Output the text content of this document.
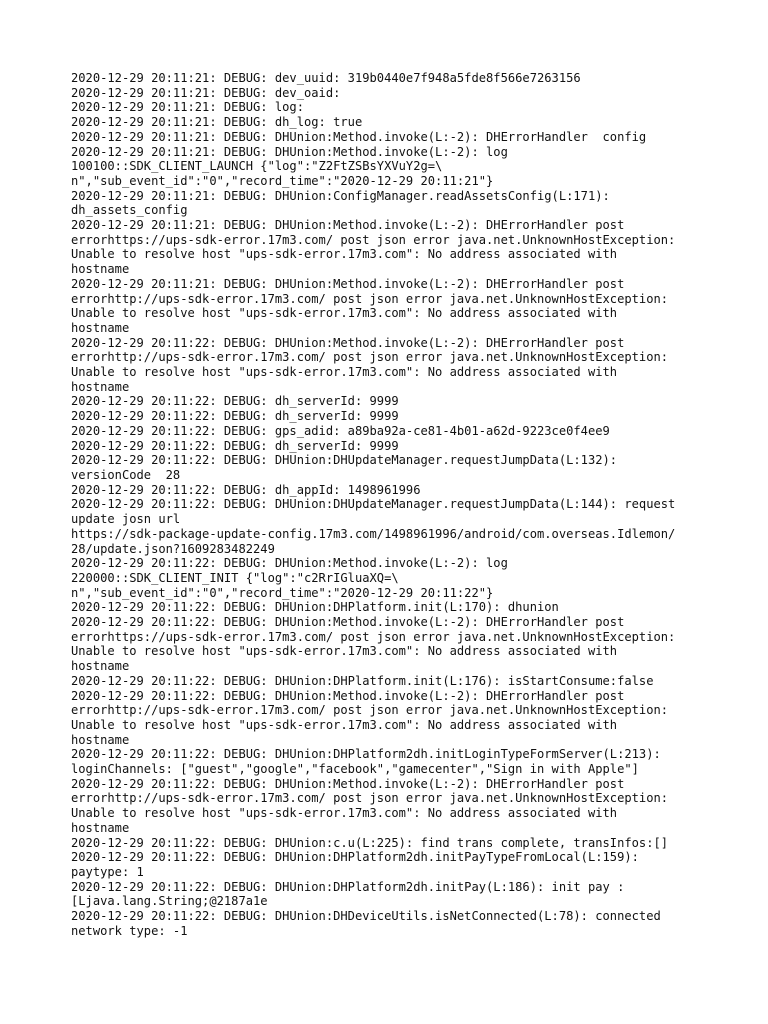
2020-12-29 20:11:21: DEBUG: dev_uuid: 319b0440e7f948a5fde8f566e7263156
2020-12-29 20:11:21: DEBUG: dev_oaid:
2020-12-29 20:11:21: DEBUG: log:
2020-12-29 20:11:21: DEBUG: dh_log: true
2020-12-29 20:11:21: DEBUG: DHUnion:Method.invoke(L:-2): DHErrorHandler  config
2020-12-29 20:11:21: DEBUG: DHUnion:Method.invoke(L:-2): log
100100::SDK_CLIENT_LAUNCH {"log":"Z2FtZSBsYXVuY2g=\
n","sub_event_id":"0","record_time":"2020-12-29 20:11:21"}
2020-12-29 20:11:21: DEBUG: DHUnion:ConfigManager.readAssetsConfig(L:171):
dh_assets_config
2020-12-29 20:11:21: DEBUG: DHUnion:Method.invoke(L:-2): DHErrorHandler post
errorhttps://ups-sdk-error.17m3.com/ post json error java.net.UnknownHostException:
Unable to resolve host "ups-sdk-error.17m3.com": No address associated with
hostname
2020-12-29 20:11:21: DEBUG: DHUnion:Method.invoke(L:-2): DHErrorHandler post
errorhttp://ups-sdk-error.17m3.com/ post json error java.net.UnknownHostException:
Unable to resolve host "ups-sdk-error.17m3.com": No address associated with
hostname
2020-12-29 20:11:22: DEBUG: DHUnion:Method.invoke(L:-2): DHErrorHandler post
errorhttp://ups-sdk-error.17m3.com/ post json error java.net.UnknownHostException:
Unable to resolve host "ups-sdk-error.17m3.com": No address associated with
hostname
2020-12-29 20:11:22: DEBUG: dh_serverId: 9999
2020-12-29 20:11:22: DEBUG: dh_serverId: 9999
2020-12-29 20:11:22: DEBUG: gps_adid: a89ba92a-ce81-4b01-a62d-9223ce0f4ee9
2020-12-29 20:11:22: DEBUG: dh_serverId: 9999
2020-12-29 20:11:22: DEBUG: DHUnion:DHUpdateManager.requestJumpData(L:132):
versionCode  28
2020-12-29 20:11:22: DEBUG: dh_appId: 1498961996
2020-12-29 20:11:22: DEBUG: DHUnion:DHUpdateManager.requestJumpData(L:144): request
update josn url
https://sdk-package-update-config.17m3.com/1498961996/android/com.overseas.Idlemon/
28/update.json?1609283482249
2020-12-29 20:11:22: DEBUG: DHUnion:Method.invoke(L:-2): log
220000::SDK_CLIENT_INIT {"log":"c2RrIGluaXQ=\
n","sub_event_id":"0","record_time":"2020-12-29 20:11:22"}
2020-12-29 20:11:22: DEBUG: DHUnion:DHPlatform.init(L:170): dhunion
2020-12-29 20:11:22: DEBUG: DHUnion:Method.invoke(L:-2): DHErrorHandler post
errorhttps://ups-sdk-error.17m3.com/ post json error java.net.UnknownHostException:
Unable to resolve host "ups-sdk-error.17m3.com": No address associated with
hostname
2020-12-29 20:11:22: DEBUG: DHUnion:DHPlatform.init(L:176): isStartConsume:false
2020-12-29 20:11:22: DEBUG: DHUnion:Method.invoke(L:-2): DHErrorHandler post
errorhttp://ups-sdk-error.17m3.com/ post json error java.net.UnknownHostException:
Unable to resolve host "ups-sdk-error.17m3.com": No address associated with
hostname
2020-12-29 20:11:22: DEBUG: DHUnion:DHPlatform2dh.initLoginTypeFormServer(L:213):
loginChannels: ["guest","google","facebook","gamecenter","Sign in with Apple"]
2020-12-29 20:11:22: DEBUG: DHUnion:Method.invoke(L:-2): DHErrorHandler post
errorhttp://ups-sdk-error.17m3.com/ post json error java.net.UnknownHostException:
Unable to resolve host "ups-sdk-error.17m3.com": No address associated with
hostname
2020-12-29 20:11:22: DEBUG: DHUnion:c.u(L:225): find trans complete, transInfos:[]
2020-12-29 20:11:22: DEBUG: DHUnion:DHPlatform2dh.initPayTypeFromLocal(L:159):
paytype: 1
2020-12-29 20:11:22: DEBUG: DHUnion:DHPlatform2dh.initPay(L:186): init pay :
[Ljava.lang.String;@2187a1e
2020-12-29 20:11:22: DEBUG: DHUnion:DHDeviceUtils.isNetConnected(L:78): connected
network type: -1
